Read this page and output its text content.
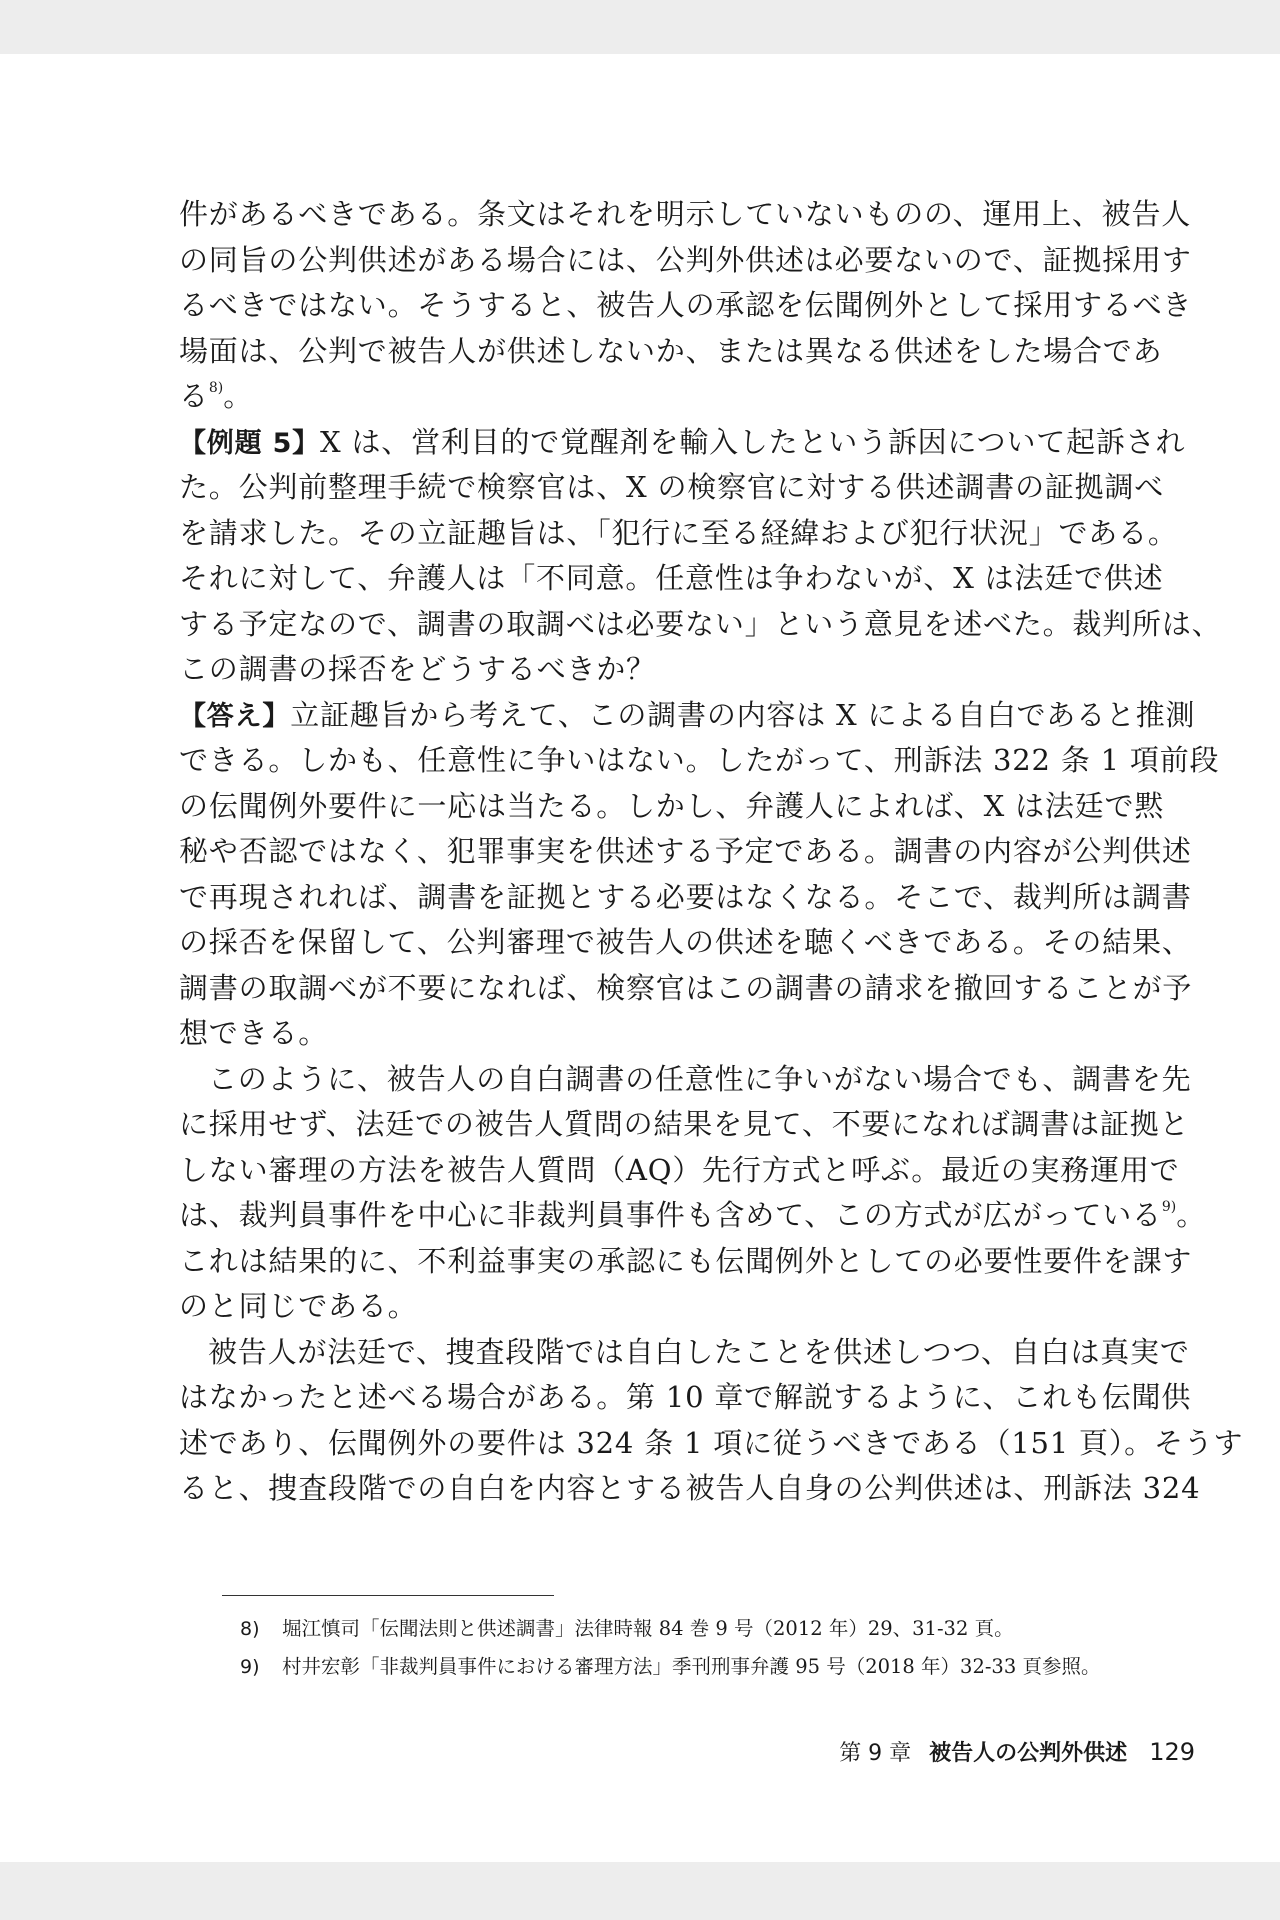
件があるべきである。条文はそれを明示していないものの、運用上、被告人
の同旨の公判供述がある場合には、公判外供述は必要ないので、証拠採用す
るべきではない。そうすると、被告人の承認を伝聞例外として採用するべき
場面は、公判で被告人が供述しないか、または異なる供述をした場合であ
る$^{8)}$。
【例題 5】X は、営利目的で覚醒剤を輸入したという訴因について起訴され
た。公判前整理手続で検察官は、X の検察官に対する供述調書の証拠調べ
を請求した。その立証趣旨は、「犯行に至る経緯および犯行状況」である。
それに対して、弁護人は「不同意。任意性は争わないが、X は法廷で供述
する予定なので、調書の取調べは必要ない」という意見を述べた。裁判所は、
この調書の採否をどうするべきか？
【答え】立証趣旨から考えて、この調書の内容は X による自白であると推測
できる。しかも、任意性に争いはない。したがって、刑訴法 322 条 1 項前段
の伝聞例外要件に一応は当たる。しかし、弁護人によれば、X は法廷で黙
秘や否認ではなく、犯罪事実を供述する予定である。調書の内容が公判供述
で再現されれば、調書を証拠とする必要はなくなる。そこで、裁判所は調書
の採否を保留して、公判審理で被告人の供述を聴くべきである。その結果、
調書の取調べが不要になれば、検察官はこの調書の請求を撤回することが予
想できる。
このように、被告人の自白調書の任意性に争いがない場合でも、調書を先
に採用せず、法廷での被告人質問の結果を見て、不要になれば調書は証拠と
しない審理の方法を被告人質問（AQ）先行方式と呼ぶ。最近の実務運用で
は、裁判員事件を中心に非裁判員事件も含めて、この方式が広がっている$^{9)}$。
これは結果的に、不利益事実の承認にも伝聞例外としての必要性要件を課す
のと同じである。
被告人が法廷で、捜査段階では自白したことを供述しつつ、自白は真実で
はなかったと述べる場合がある。第 10 章で解説するように、これも伝聞供
述であり、伝聞例外の要件は 324 条 1 項に従うべきである（151 頁）。そうす
ると、捜査段階での自白を内容とする被告人自身の公判供述は、刑訴法 324
8) 堀江慎司「伝聞法則と供述調書」法律時報 84 巻 9 号（2012 年）29、31-32 頁。
9) 村井宏彰「非裁判員事件における審理方法」季刊刑事弁護 95 号（2018 年）32-33 頁参照。
第 9 章 被告人の公判外供述 129
